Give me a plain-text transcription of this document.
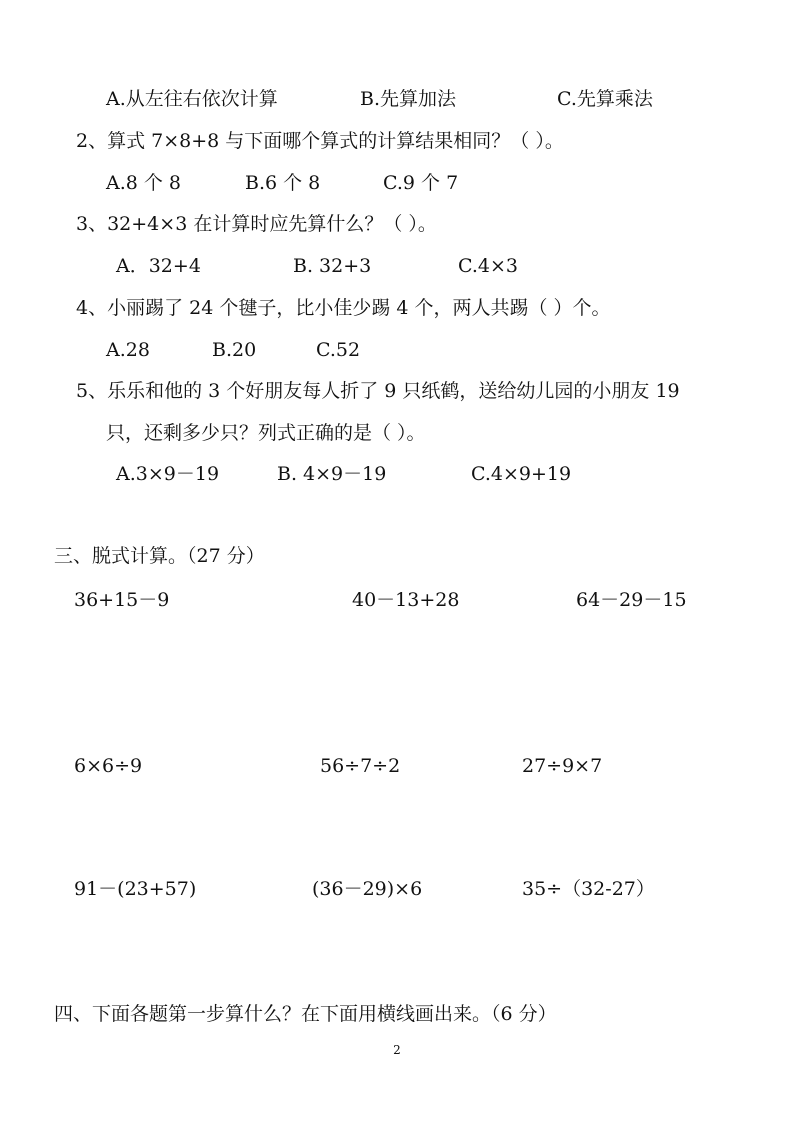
A.从左往右依次计算	B.先算加法	C.先算乘法
2、算式 7×8+8 与下面哪个算式的计算结果相同？（ ）。
A.8 个 8	B.6 个 8	C.9 个 7
3、32+4×3 在计算时应先算什么？（ ）。
A．32+4	B. 32+3	C.4×3
4、小丽踢了 24 个毽子，比小佳少踢 4 个，两人共踢（ ）个。
A.28	B.20	C.52
5、乐乐和他的 3 个好朋友每人折了 9 只纸鹤，送给幼儿园的小朋友 19
只，还剩多少只？列式正确的是（ ）。
A.3×9－19	B. 4×9－19	C.4×9+19
三、脱式计算。（27 分）
36+15－9	40－13+28	64－29－15
6×6÷9	56÷7÷2	27÷9×7
91－(23+57)	(36－29)×6	35÷（32-27）
四、下面各题第一步算什么？在下面用横线画出来。（6 分）
2
